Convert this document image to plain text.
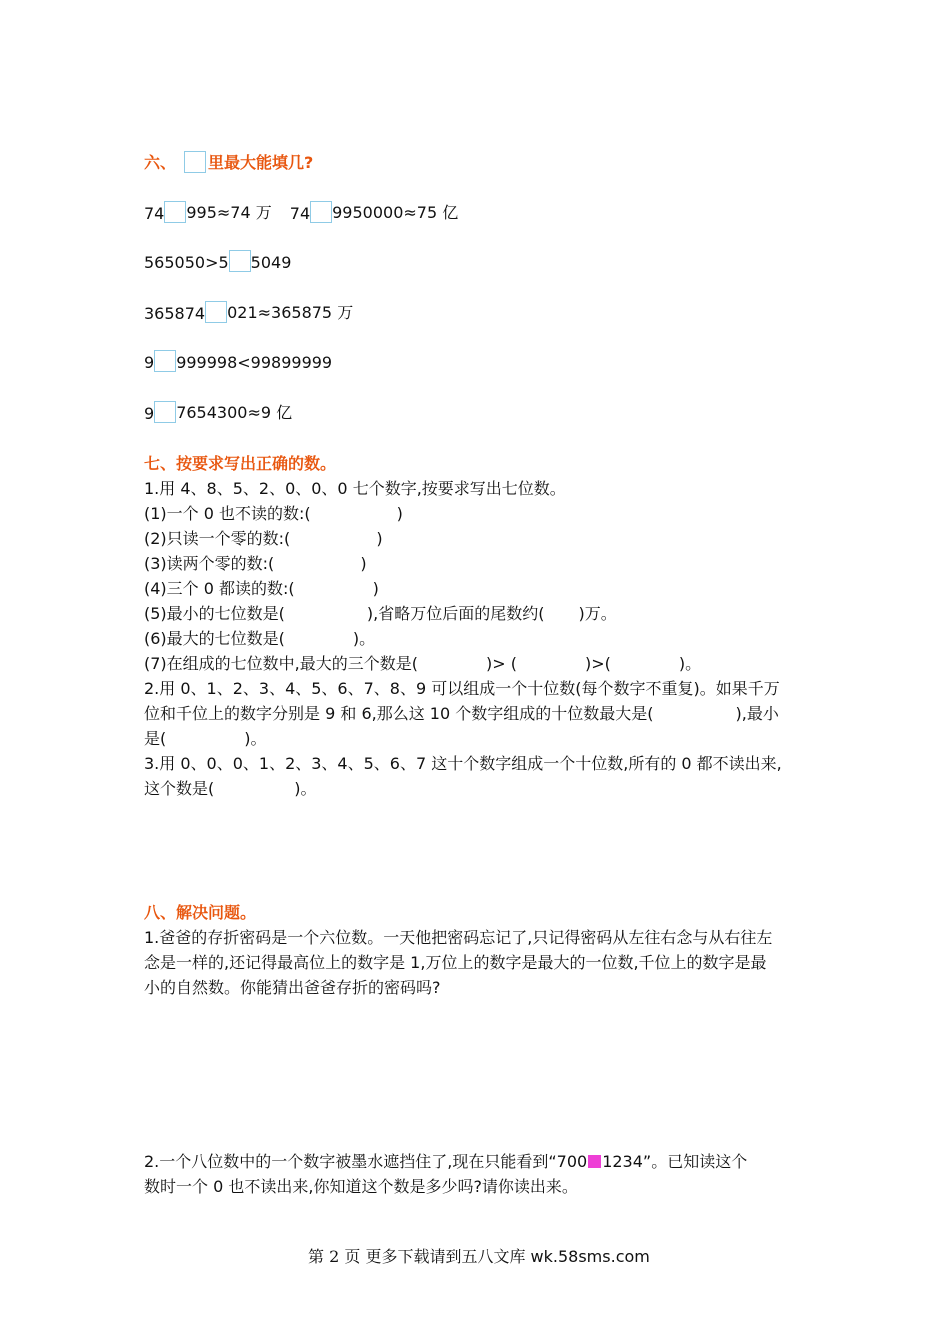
六、 里最大能填几?
74 995≈74 万 74 9950000≈75 亿
565050>5 5049
365874 021≈365875 万
9 999998<99899999
9 7654300≈9 亿
七、按要求写出正确的数。
1.用 4、8、5、2、0、0、0 七个数字,按要求写出七位数。
(1)一个 0 也不读的数:(	)
(2)只读一个零的数:(	)
(3)读两个零的数:(	)
(4)三个 0 都读的数:(	)
(5)最小的七位数是(	),省略万位后面的尾数约( )万。
(6)最大的七位数是(	)。
(7)在组成的七位数中,最大的三个数是(	)> (	)>(	)。
2.用 0、1、2、3、4、5、6、7、8、9 可以组成一个十位数(每个数字不重复)。如果千万
位和千位上的数字分别是 9 和 6,那么这 10 个数字组成的十位数最大是(	),最小
是(	)。
3.用 0、0、0、1、2、3、4、5、6、7 这十个数字组成一个十位数,所有的 0 都不读出来,
这个数是(	)。
八、解决问题。
1.爸爸的存折密码是一个六位数。一天他把密码忘记了,只记得密码从左往右念与从右往左
念是一样的,还记得最高位上的数字是 1,万位上的数字是最大的一位数,千位上的数字是最
小的自然数。你能猜出爸爸存折的密码吗?
2.一个八位数中的一个数字被墨水遮挡住了,现在只能看到“700 1234”。已知读这个
数时一个 0 也不读出来,你知道这个数是多少吗?请你读出来。
第 2 页 更多下载请到五八文库 wk.58sms.com
